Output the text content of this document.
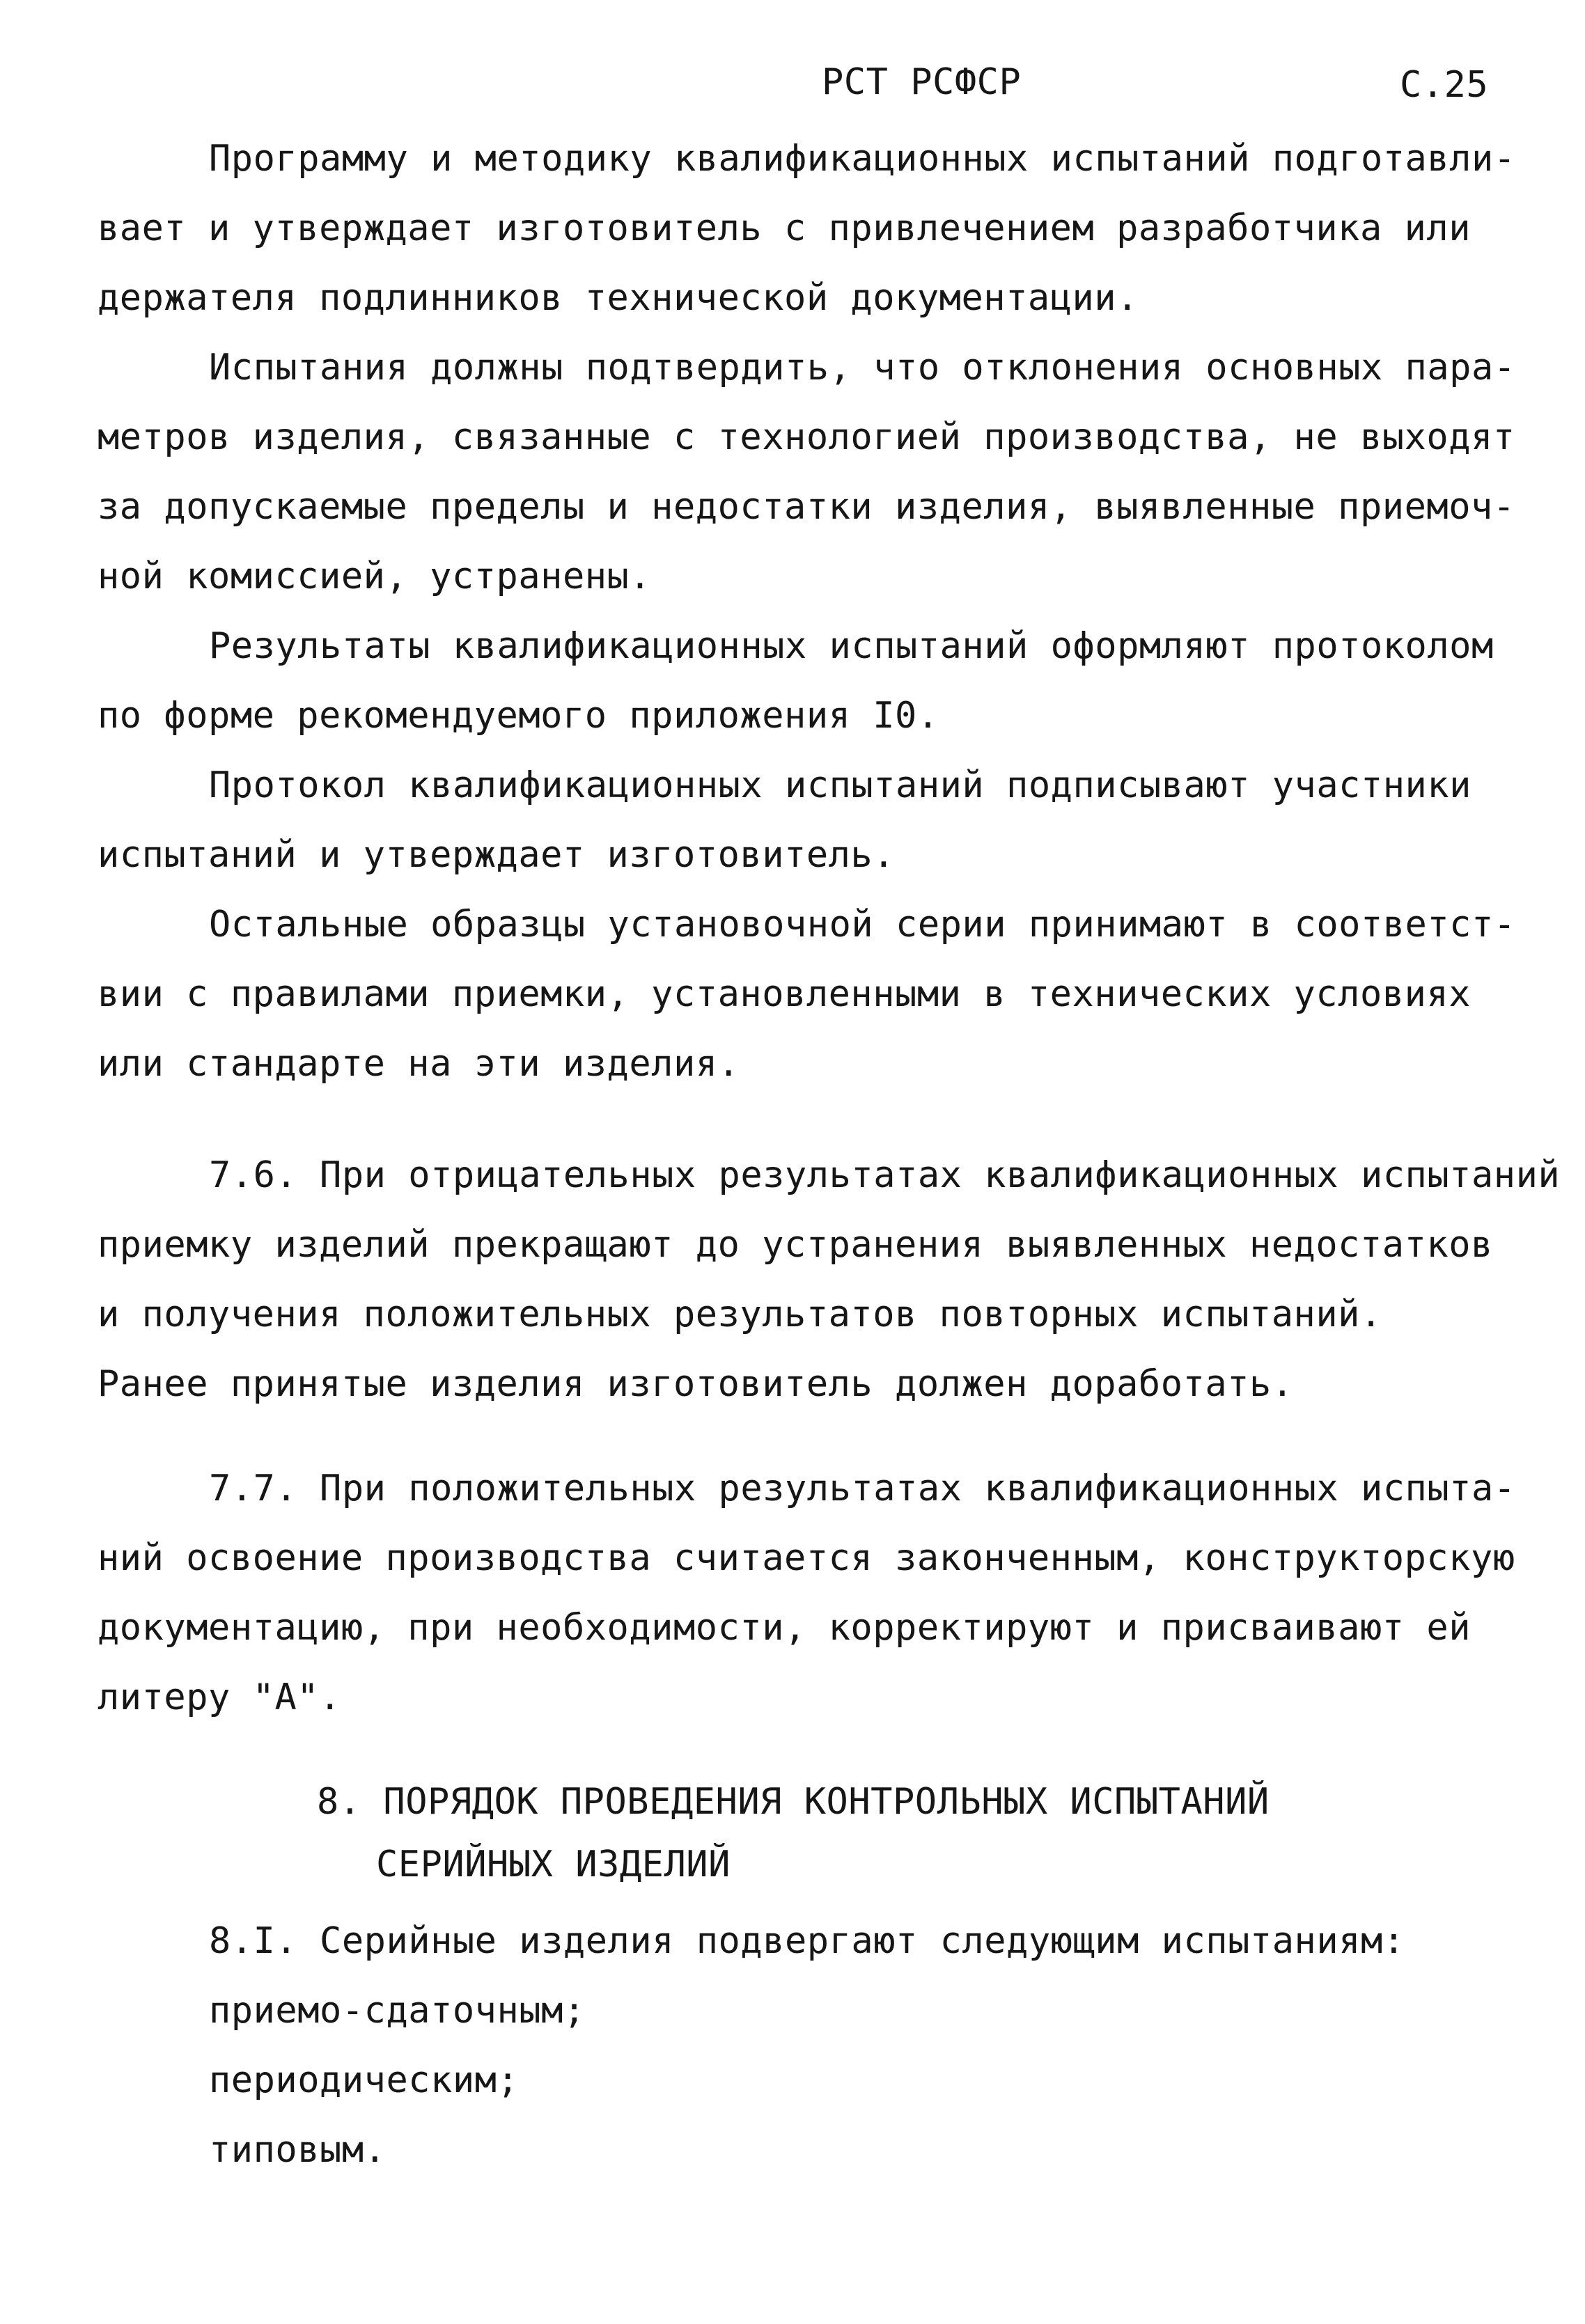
РСТ РСФСР	С.25
Программу и методику квалификационных испытаний подготавли-
вает и утверждает изготовитель с привлечением разработчика или
держателя подлинников технической документации.
Испытания должны подтвердить, что отклонения основных пара-
метров изделия, связанные с технологией производства, не выходят
за допускаемые пределы и недостатки изделия, выявленные приемоч-
ной комиссией, устранены.
Результаты квалификационных испытаний оформляют протоколом
по форме рекомендуемого приложения I0.
Протокол квалификационных испытаний подписывают участники
испытаний и утверждает изготовитель.
Остальные образцы установочной серии принимают в соответст-
вии с правилами приемки, установленными в технических условиях
или стандарте на эти изделия.
7.6. При отрицательных результатах квалификационных испытаний
приемку изделий прекращают до устранения выявленных недостатков
и получения положительных результатов повторных испытаний.
Ранее принятые изделия изготовитель должен доработать.
7.7. При положительных результатах квалификационных испыта-
ний освоение производства считается законченным, конструкторскую
документацию, при необходимости, корректируют и присваивают ей
литеру "А".
8. ПОРЯДОК ПРОВЕДЕНИЯ КОНТРОЛЬНЫХ ИСПЫТАНИЙ
СЕРИЙНЫХ ИЗДЕЛИЙ
8.I. Серийные изделия подвергают следующим испытаниям:
приемо-сдаточным;
периодическим;
типовым.
